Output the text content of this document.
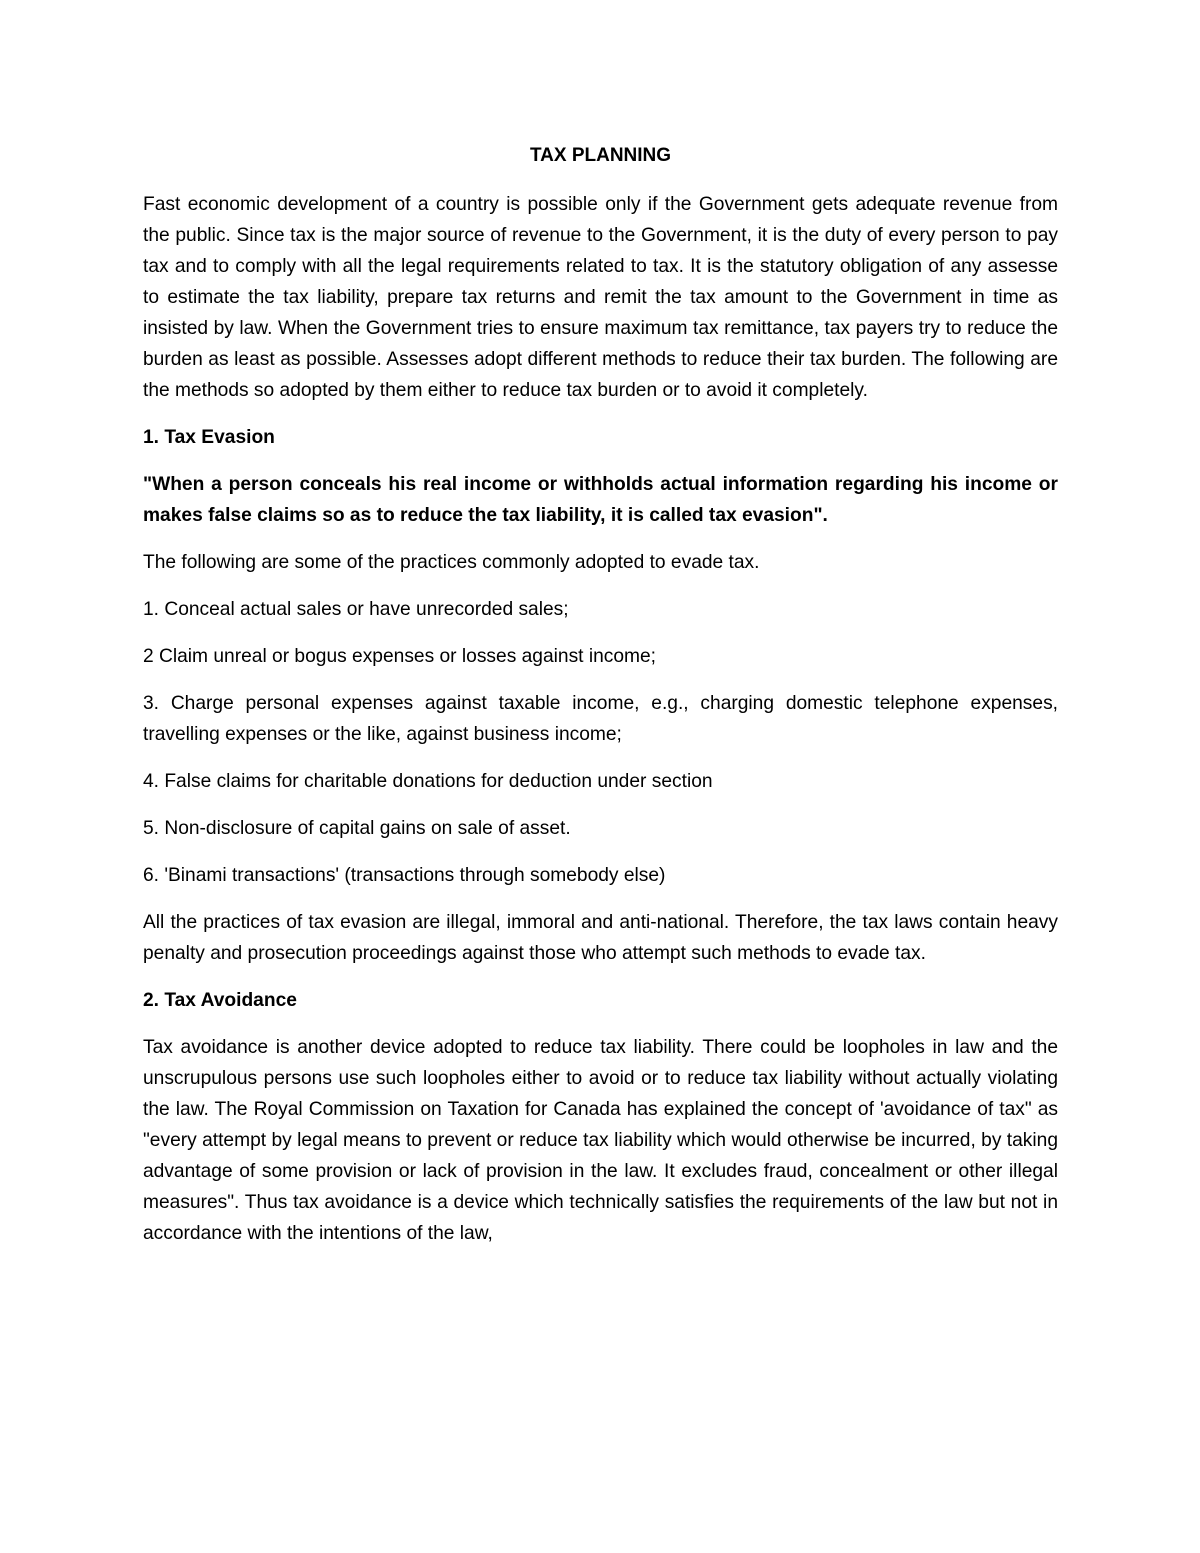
TAX PLANNING

Fast economic development of a country is possible only if the Government gets adequate revenue from the public. Since tax is the major source of revenue to the Government, it is the duty of every person to pay tax and to comply with all the legal requirements related to tax. It is the statutory obligation of any assesse to estimate the tax liability, prepare tax returns and remit the tax amount to the Government in time as insisted by law. When the Government tries to ensure maximum tax remittance, tax payers try to reduce the burden as least as possible. Assesses adopt different methods to reduce their tax burden. The following are the methods so adopted by them either to reduce tax burden or to avoid it completely.

1. Tax Evasion

"When a person conceals his real income or withholds actual information regarding his income or makes false claims so as to reduce the tax liability, it is called tax evasion".

The following are some of the practices commonly adopted to evade tax.

1. Conceal actual sales or have unrecorded sales;

2 Claim unreal or bogus expenses or losses against income;

3. Charge personal expenses against taxable income, e.g., charging domestic telephone expenses, travelling expenses or the like, against business income;

4. False claims for charitable donations for deduction under section

5. Non-disclosure of capital gains on sale of asset.

6. 'Binami transactions' (transactions through somebody else)

All the practices of tax evasion are illegal, immoral and anti-national. Therefore, the tax laws contain heavy penalty and prosecution proceedings against those who attempt such methods to evade tax.

2. Tax Avoidance

Tax avoidance is another device adopted to reduce tax liability. There could be loopholes in law and the unscrupulous persons use such loopholes either to avoid or to reduce tax liability without actually violating the law. The Royal Commission on Taxation for Canada has explained the concept of 'avoidance of tax" as "every attempt by legal means to prevent or reduce tax liability which would otherwise be incurred, by taking advantage of some provision or lack of provision in the law. It excludes fraud, concealment or other illegal measures". Thus tax avoidance is a device which technically satisfies the requirements of the law but not in accordance with the intentions of the law,
